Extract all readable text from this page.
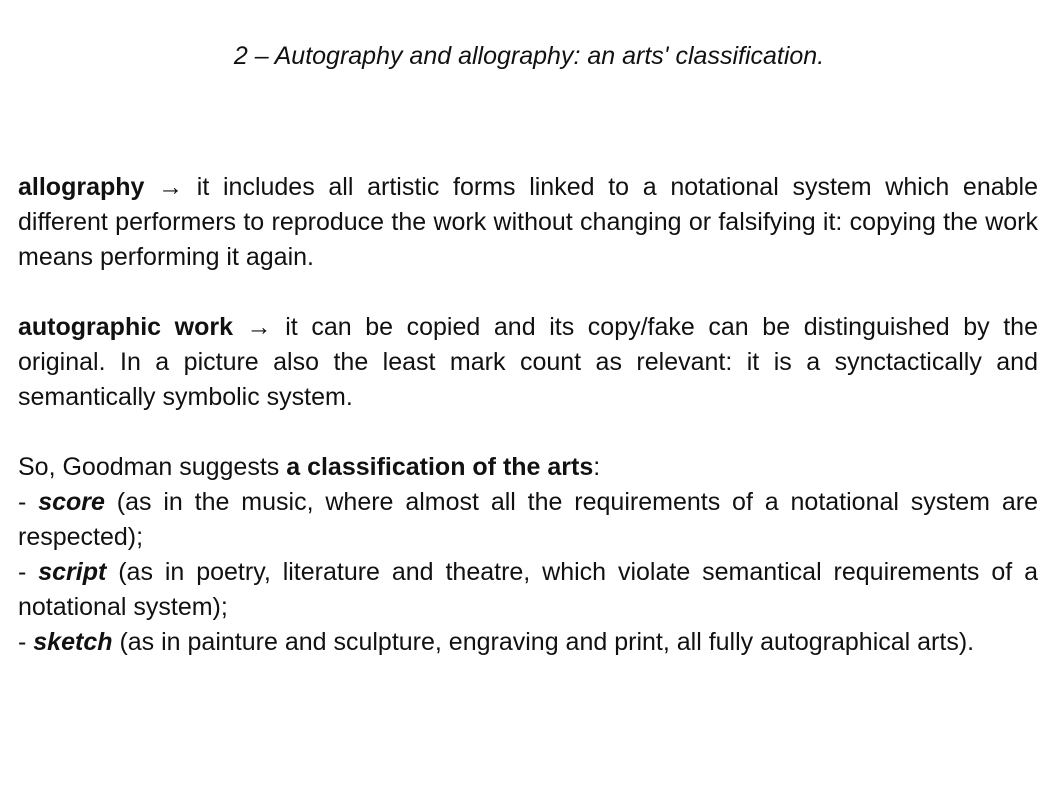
2 – Autography and allography: an arts' classification.

allography → it includes all artistic forms linked to a notational system which enable different performers to reproduce the work without changing or falsifying it: copying the work means performing it again.

autographic work → it can be copied and its copy/fake can be distinguished by the original. In a picture also the least mark count as relevant: it is a synctactically and semantically symbolic system.

So, Goodman suggests a classification of the arts:

- score (as in the music, where almost all the requirements of a notational system are respected);

- script (as in poetry, literature and theatre, which violate semantical requirements of a notational system);

- sketch (as in painture and sculpture, engraving and print, all fully autographical arts).
